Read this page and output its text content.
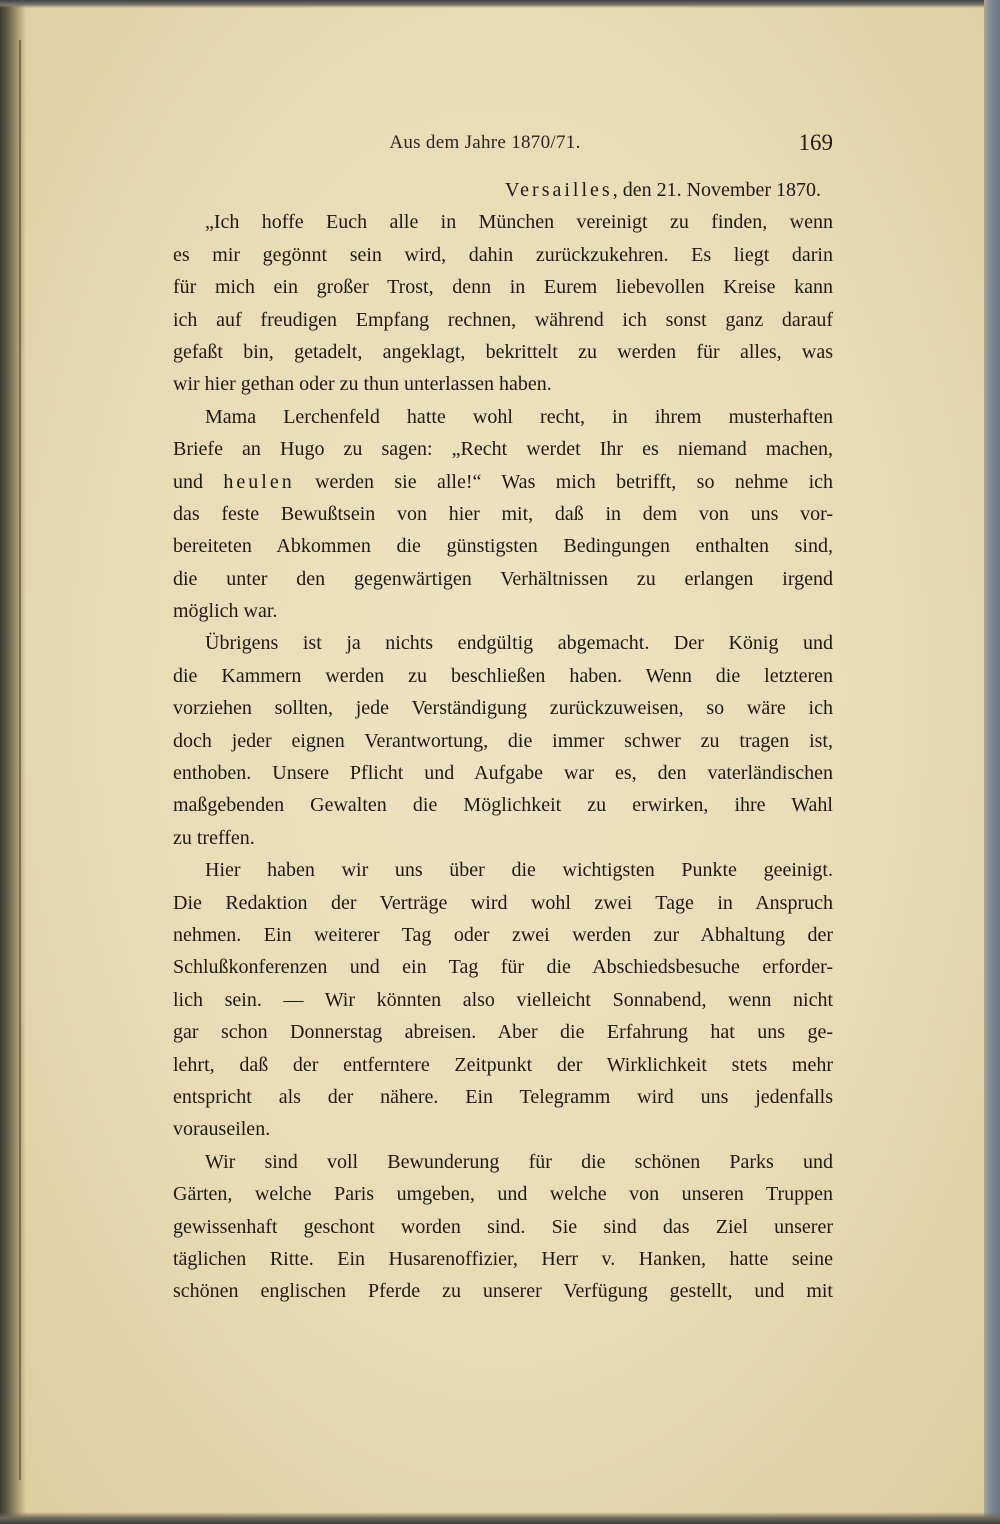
Aus dem Jahre 1870/71.	169
Versailles, den 21. November 1870.
„Ich hoffe Euch alle in München vereinigt zu finden, wenn
es mir gegönnt sein wird, dahin zurückzukehren. Es liegt darin
für mich ein großer Trost, denn in Eurem liebevollen Kreise kann
ich auf freudigen Empfang rechnen, während ich sonst ganz darauf
gefaßt bin, getadelt, angeklagt, bekrittelt zu werden für alles, was
wir hier gethan oder zu thun unterlassen haben.
Mama Lerchenfeld hatte wohl recht, in ihrem musterhaften
Briefe an Hugo zu sagen: „Recht werdet Ihr es niemand machen,
und heulen werden sie alle!“ Was mich betrifft, so nehme ich
das feste Bewußtsein von hier mit, daß in dem von uns vor-
bereiteten Abkommen die günstigsten Bedingungen enthalten sind,
die unter den gegenwärtigen Verhältnissen zu erlangen irgend
möglich war.
Übrigens ist ja nichts endgültig abgemacht. Der König und
die Kammern werden zu beschließen haben. Wenn die letzteren
vorziehen sollten, jede Verständigung zurückzuweisen, so wäre ich
doch jeder eignen Verantwortung, die immer schwer zu tragen ist,
enthoben. Unsere Pflicht und Aufgabe war es, den vaterländischen
maßgebenden Gewalten die Möglichkeit zu erwirken, ihre Wahl
zu treffen.
Hier haben wir uns über die wichtigsten Punkte geeinigt.
Die Redaktion der Verträge wird wohl zwei Tage in Anspruch
nehmen. Ein weiterer Tag oder zwei werden zur Abhaltung der
Schlußkonferenzen und ein Tag für die Abschiedsbesuche erforder-
lich sein. — Wir könnten also vielleicht Sonnabend, wenn nicht
gar schon Donnerstag abreisen. Aber die Erfahrung hat uns ge-
lehrt, daß der entferntere Zeitpunkt der Wirklichkeit stets mehr
entspricht als der nähere. Ein Telegramm wird uns jedenfalls
vorauseilen.
Wir sind voll Bewunderung für die schönen Parks und
Gärten, welche Paris umgeben, und welche von unseren Truppen
gewissenhaft geschont worden sind. Sie sind das Ziel unserer
täglichen Ritte. Ein Husarenoffizier, Herr v. Hanken, hatte seine
schönen englischen Pferde zu unserer Verfügung gestellt, und mit
